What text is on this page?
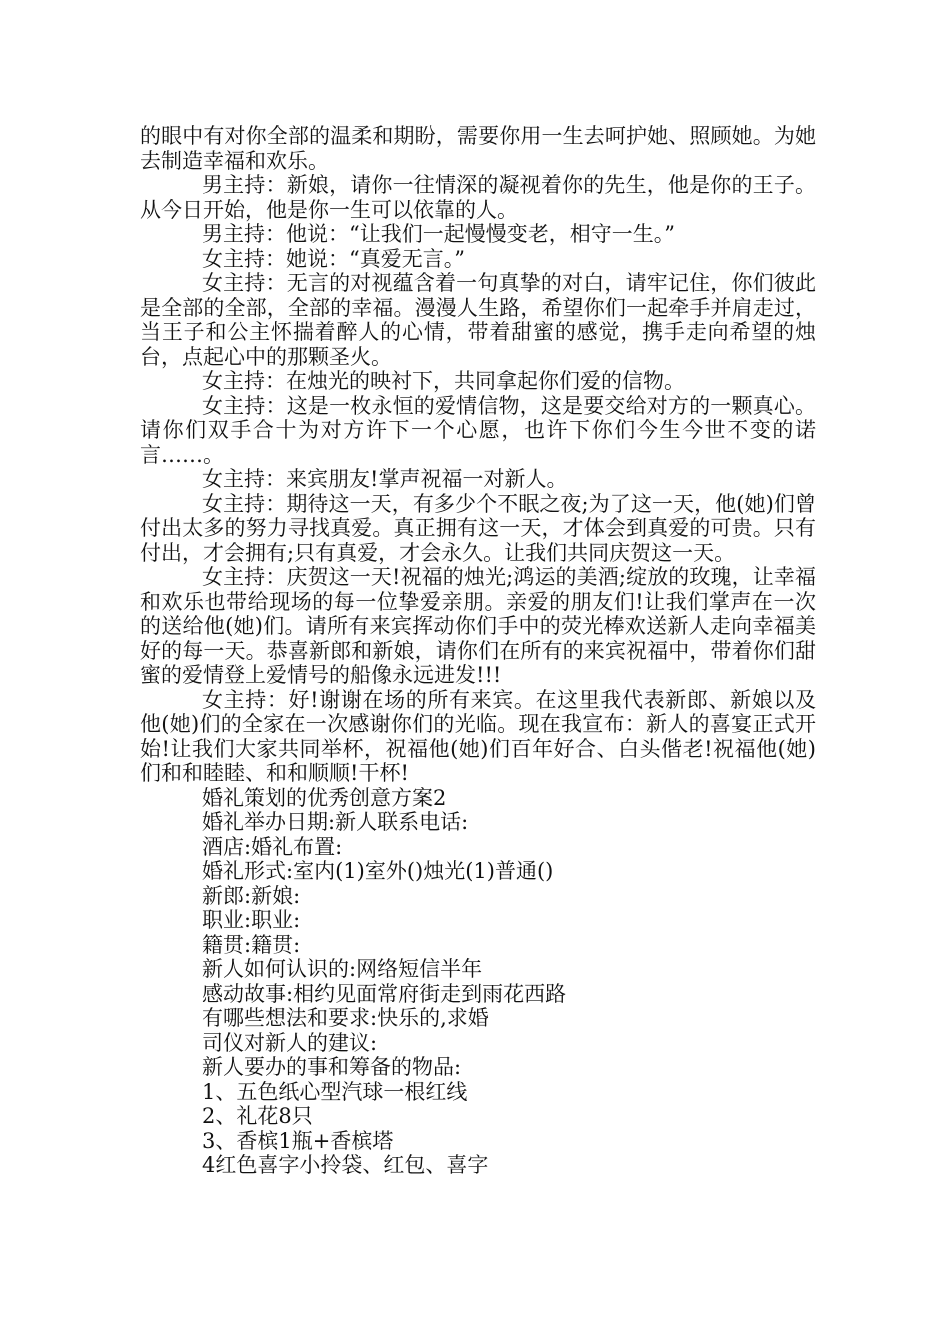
的眼中有对你全部的温柔和期盼，需要你用一生去呵护她、照顾她。为她去制造幸福和欢乐。

男主持：新娘，请你一往情深的凝视着你的先生，他是你的王子。从今日开始，他是你一生可以依靠的人。

男主持：他说：“让我们一起慢慢变老，相守一生。”

女主持：她说：“真爱无言。”

女主持：无言的对视蕴含着一句真挚的对白，请牢记住，你们彼此是全部的全部，全部的幸福。漫漫人生路，希望你们一起牵手并肩走过，当王子和公主怀揣着醉人的心情，带着甜蜜的感觉，携手走向希望的烛台，点起心中的那颗圣火。

女主持：在烛光的映衬下，共同拿起你们爱的信物。

女主持：这是一枚永恒的爱情信物，这是要交给对方的一颗真心。请你们双手合十为对方许下一个心愿，也许下你们今生今世不变的诺言……。

女主持：来宾朋友!掌声祝福一对新人。

女主持：期待这一天，有多少个不眠之夜;为了这一天，他(她)们曾付出太多的努力寻找真爱。真正拥有这一天，才体会到真爱的可贵。只有付出，才会拥有;只有真爱，才会永久。让我们共同庆贺这一天。

女主持：庆贺这一天!祝福的烛光;鸿运的美酒;绽放的玫瑰，让幸福和欢乐也带给现场的每一位挚爱亲朋。亲爱的朋友们!让我们掌声在一次的送给他(她)们。请所有来宾挥动你们手中的荧光棒欢送新人走向幸福美好的每一天。恭喜新郎和新娘，请你们在所有的来宾祝福中，带着你们甜蜜的爱情登上爱情号的船像永远进发!!!

女主持：好!谢谢在场的所有来宾。在这里我代表新郎、新娘以及他(她)们的全家在一次感谢你们的光临。现在我宣布：新人的喜宴正式开始!让我们大家共同举杯，祝福他(她)们百年好合、白头偕老!祝福他(她)们和和睦睦、和和顺顺!干杯!

婚礼策划的优秀创意方案2

婚礼举办日期:新人联系电话:

酒店:婚礼布置:

婚礼形式:室内(1)室外()烛光(1)普通()

新郎:新娘:

职业:职业:

籍贯:籍贯:

新人如何认识的:网络短信半年

感动故事:相约见面常府街走到雨花西路

有哪些想法和要求:快乐的,求婚

司仪对新人的建议:

新人要办的事和筹备的物品:

1、五色纸心型汽球一根红线

2、礼花8只

3、香槟1瓶+香槟塔

4红色喜字小拎袋、红包、喜字
